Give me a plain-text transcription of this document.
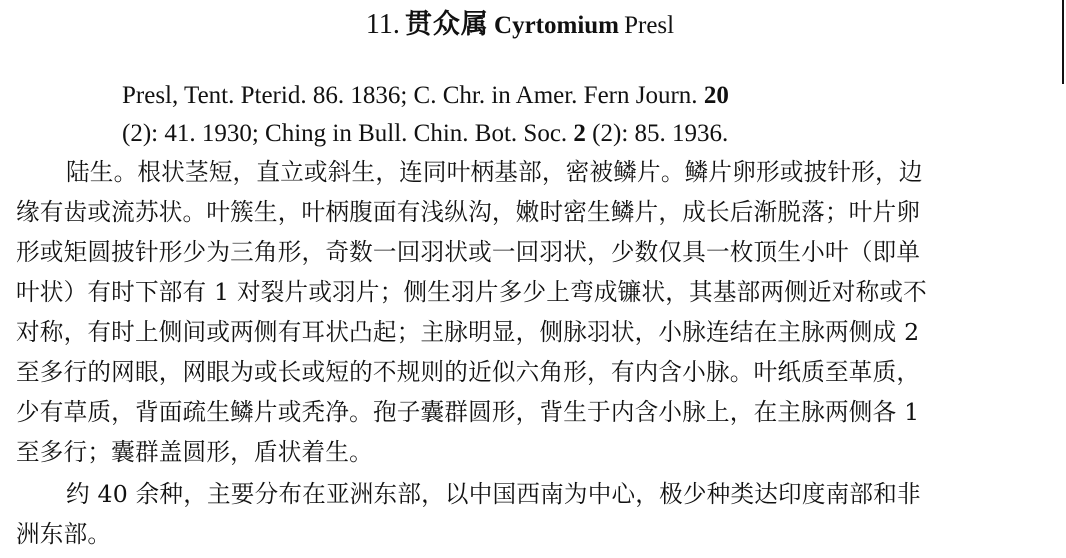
11. 贯众属 Cyrtomium Presl
Presl, Tent. Pterid. 86. 1836; C. Chr. in Amer. Fern Journ. 20
(2): 41. 1930; Ching in Bull. Chin. Bot. Soc. 2 (2): 85. 1936.
陆生。根状茎短，直立或斜生，连同叶柄基部，密被鳞片。鳞片卵形或披针形，边
缘有齿或流苏状。叶簇生，叶柄腹面有浅纵沟，嫩时密生鳞片，成长后渐脱落；叶片卵
形或矩圆披针形少为三角形，奇数一回羽状或一回羽状，少数仅具一枚顶生小叶（即单
叶状）有时下部有 1 对裂片或羽片；侧生羽片多少上弯成镰状，其基部两侧近对称或不
对称，有时上侧间或两侧有耳状凸起；主脉明显，侧脉羽状，小脉连结在主脉两侧成 2
至多行的网眼，网眼为或长或短的不规则的近似六角形，有内含小脉。叶纸质至革质，
少有草质，背面疏生鳞片或秃净。孢子囊群圆形，背生于内含小脉上，在主脉两侧各 1
至多行；囊群盖圆形，盾状着生。
约 40 余种，主要分布在亚洲东部，以中国西南为中心，极少种类达印度南部和非
洲东部。
